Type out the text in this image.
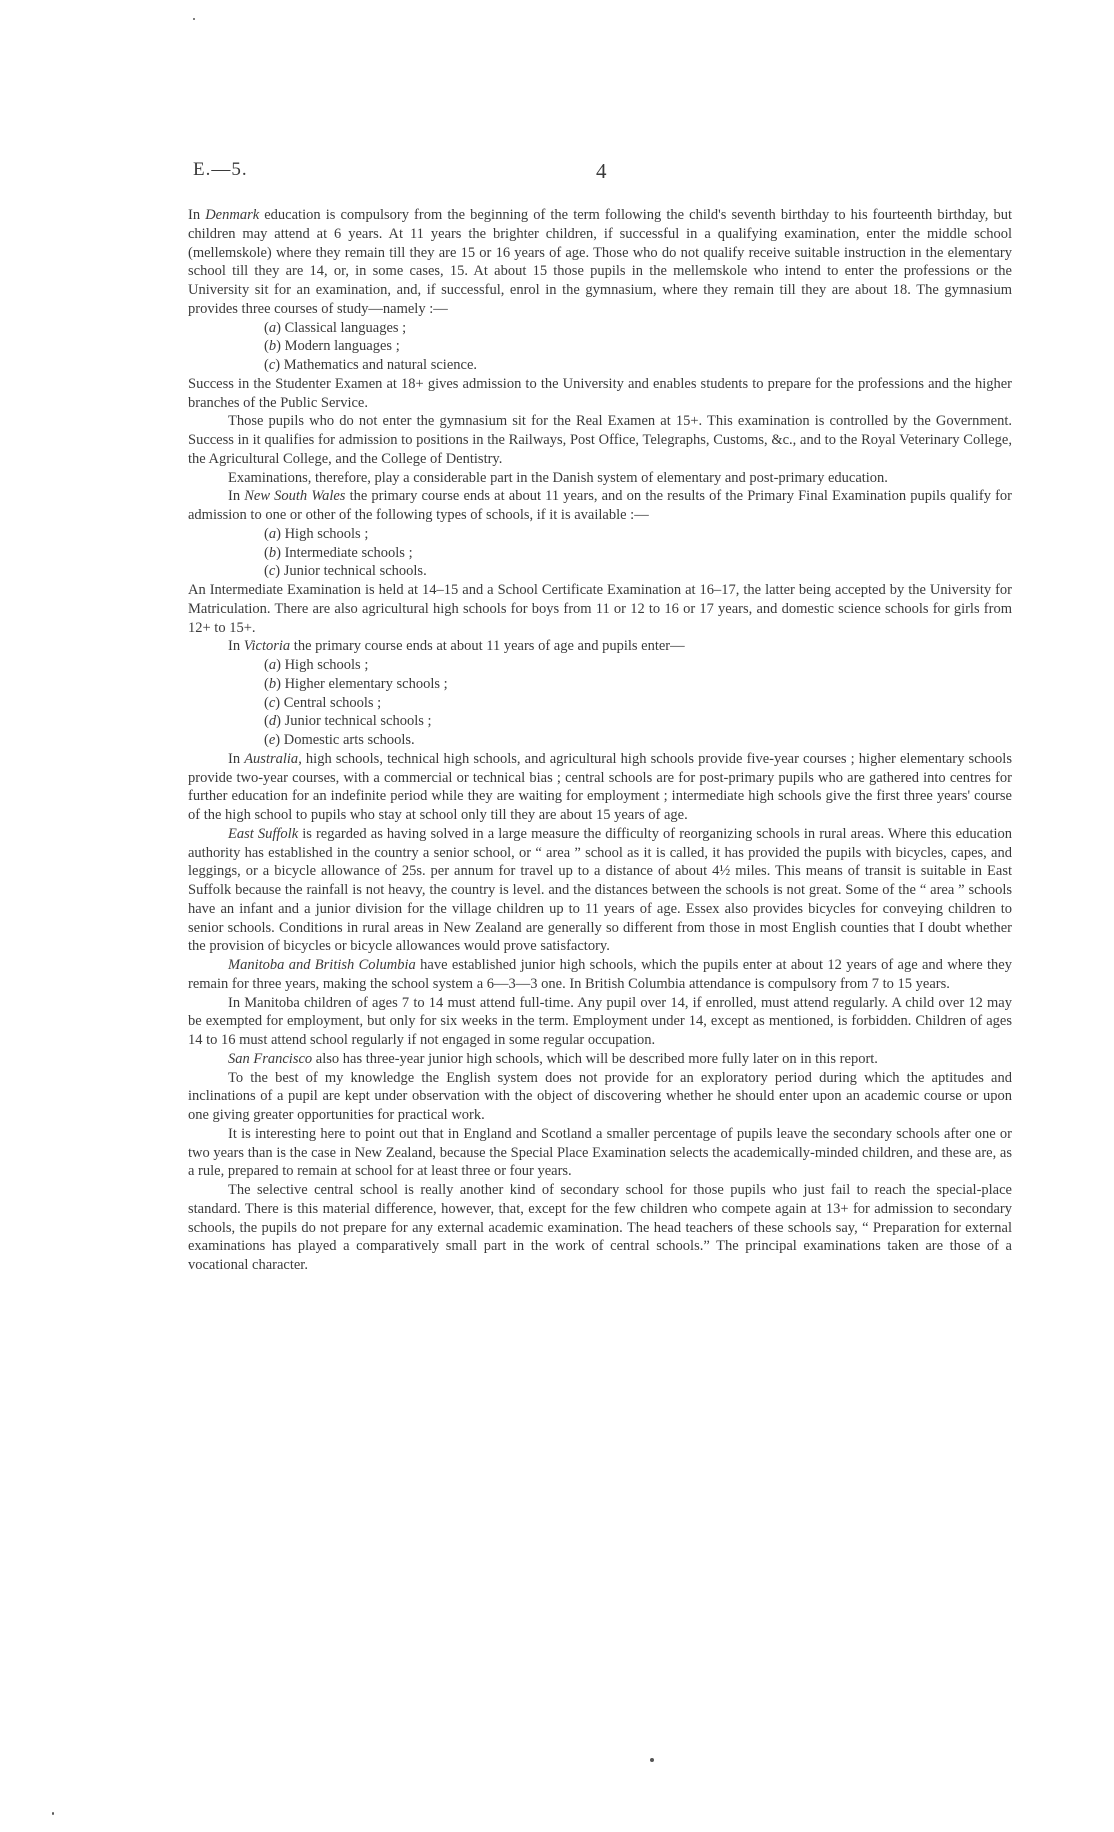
E.—5.	4

In Denmark education is compulsory from the beginning of the term following the child's seventh birthday to his fourteenth birthday, but children may attend at 6 years. At 11 years the brighter children, if successful in a qualifying examination, enter the middle school (mellemskole) where they remain till they are 15 or 16 years of age. Those who do not qualify receive suitable instruction in the elementary school till they are 14, or, in some cases, 15. At about 15 those pupils in the mellemskole who intend to enter the professions or the University sit for an examination, and, if successful, enrol in the gymnasium, where they remain till they are about 18. The gymnasium provides three courses of study—namely :—

(a) Classical languages ;
(b) Modern languages ;
(c) Mathematics and natural science.

Success in the Studenter Examen at 18+ gives admission to the University and enables students to prepare for the professions and the higher branches of the Public Service.

Those pupils who do not enter the gymnasium sit for the Real Examen at 15+. This examination is controlled by the Government. Success in it qualifies for admission to positions in the Railways, Post Office, Telegraphs, Customs, &c., and to the Royal Veterinary College, the Agricultural College, and the College of Dentistry.

Examinations, therefore, play a considerable part in the Danish system of elementary and post-primary education.

In New South Wales the primary course ends at about 11 years, and on the results of the Primary Final Examination pupils qualify for admission to one or other of the following types of schools, if it is available :—

(a) High schools ;
(b) Intermediate schools ;
(c) Junior technical schools.

An Intermediate Examination is held at 14–15 and a School Certificate Examination at 16–17, the latter being accepted by the University for Matriculation. There are also agricultural high schools for boys from 11 or 12 to 16 or 17 years, and domestic science schools for girls from 12+ to 15+.

In Victoria the primary course ends at about 11 years of age and pupils enter—

(a) High schools ;
(b) Higher elementary schools ;
(c) Central schools ;
(d) Junior technical schools ;
(e) Domestic arts schools.

In Australia, high schools, technical high schools, and agricultural high schools provide five-year courses ; higher elementary schools provide two-year courses, with a commercial or technical bias ; central schools are for post-primary pupils who are gathered into centres for further education for an indefinite period while they are waiting for employment ; intermediate high schools give the first three years' course of the high school to pupils who stay at school only till they are about 15 years of age.

East Suffolk is regarded as having solved in a large measure the difficulty of reorganizing schools in rural areas. Where this education authority has established in the country a senior school, or “ area ” school as it is called, it has provided the pupils with bicycles, capes, and leggings, or a bicycle allowance of 25s. per annum for travel up to a distance of about 4½ miles. This means of transit is suitable in East Suffolk because the rainfall is not heavy, the country is level. and the distances between the schools is not great. Some of the “ area ” schools have an infant and a junior division for the village children up to 11 years of age. Essex also provides bicycles for conveying children to senior schools. Conditions in rural areas in New Zealand are generally so different from those in most English counties that I doubt whether the provision of bicycles or bicycle allowances would prove satisfactory.

Manitoba and British Columbia have established junior high schools, which the pupils enter at about 12 years of age and where they remain for three years, making the school system a 6—3—3 one. In British Columbia attendance is compulsory from 7 to 15 years.

In Manitoba children of ages 7 to 14 must attend full-time. Any pupil over 14, if enrolled, must attend regularly. A child over 12 may be exempted for employment, but only for six weeks in the term. Employment under 14, except as mentioned, is forbidden. Children of ages 14 to 16 must attend school regularly if not engaged in some regular occupation.

San Francisco also has three-year junior high schools, which will be described more fully later on in this report.

To the best of my knowledge the English system does not provide for an exploratory period during which the aptitudes and inclinations of a pupil are kept under observation with the object of discovering whether he should enter upon an academic course or upon one giving greater opportunities for practical work.

It is interesting here to point out that in England and Scotland a smaller percentage of pupils leave the secondary schools after one or two years than is the case in New Zealand, because the Special Place Examination selects the academically-minded children, and these are, as a rule, prepared to remain at school for at least three or four years.

The selective central school is really another kind of secondary school for those pupils who just fail to reach the special-place standard. There is this material difference, however, that, except for the few children who compete again at 13+ for admission to secondary schools, the pupils do not prepare for any external academic examination. The head teachers of these schools say, “ Preparation for external examinations has played a comparatively small part in the work of central schools.” The principal examinations taken are those of a vocational character.
